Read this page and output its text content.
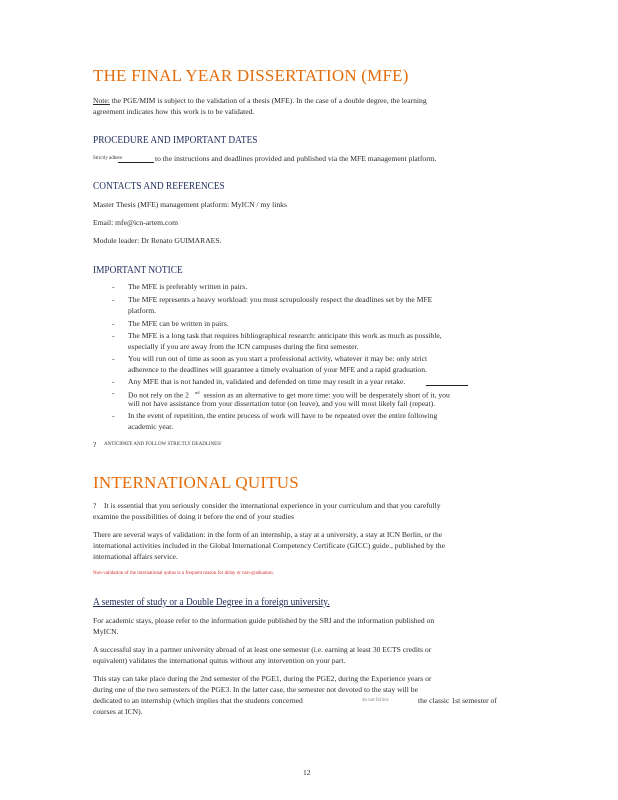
THE FINAL YEAR DISSERTATION (MFE)
Note: the PGE/MIM is subject to the validation of a thesis (MFE). In the case of a double degree, the learning
agreement indicates how this work is to be validated.
PROCEDURE AND IMPORTANT DATES
Strictly adhere	to the instructions and deadlines provided and published via the MFE management platform.
CONTACTS AND REFERENCES
Master Thesis (MFE) management platform: MyICN / my links
Email: mfe@icn-artem.com
Module leader: Dr Renato GUIMARAES.
IMPORTANT NOTICE
- The MFE is preferably written in pairs.
- The MFE represents a heavy workload: you must scrupulously respect the deadlines set by the MFE
platform.
- The MFE can be written in pairs.
- The MFE is a long task that requires bibliographical research: anticipate this work as much as possible,
especially if you are away from the ICN campuses during the first semester.
- You will run out of time as soon as you start a professional activity, whatever it may be: only strict
adherence to the deadlines will guarantee a timely evaluation of your MFE and a rapid graduation.
- Any MFE that is not handed in, validated and defended on time may result in a year retake.
- Do not rely on the 2 $^{nd}$ session as an alternative to get more time: you will be desperately short of it, you
will not have assistance from your dissertation tutor (on leave), and you will most likely fail (repeat).
- In the event of repetition, the entire process of work will have to be repeated over the entire following
academic year.
? ANTICIPATE AND FOLLOW STRICTLY DEADLINES!
INTERNATIONAL QUITUS
? It is essential that you seriously consider the international experience in your curriculum and that you carefully
examine the possibilities of doing it before the end of your studies
There are several ways of validation: in the form of an internship, a stay at a university, a stay at ICN Berlin, or the
international activities included in the Global International Competency Certificate (GICC) guide., published by the
international affairs service.
Non-validation of the international quitus is a frequent reason for delay or non-graduation.
A semester of study or a Double Degree in a foreign university.
For academic stays, please refer to the information guide published by the SRI and the information published on
MyICN.
A successful stay in a partner university abroad of at least one semester (i.e. earning at least 30 ECTS credits or
equivalent) validates the international quitus without any intervention on your part.
This stay can take place during the 2nd semester of the PGE1, during the PGE2, during the Experience years or
during one of the two semesters of the PGE3. In the latter case, the semester not devoted to the stay will be
dedicated to an internship (which implies that the students concerned	do not follow	the classic 1st semester of
courses at ICN).
12
